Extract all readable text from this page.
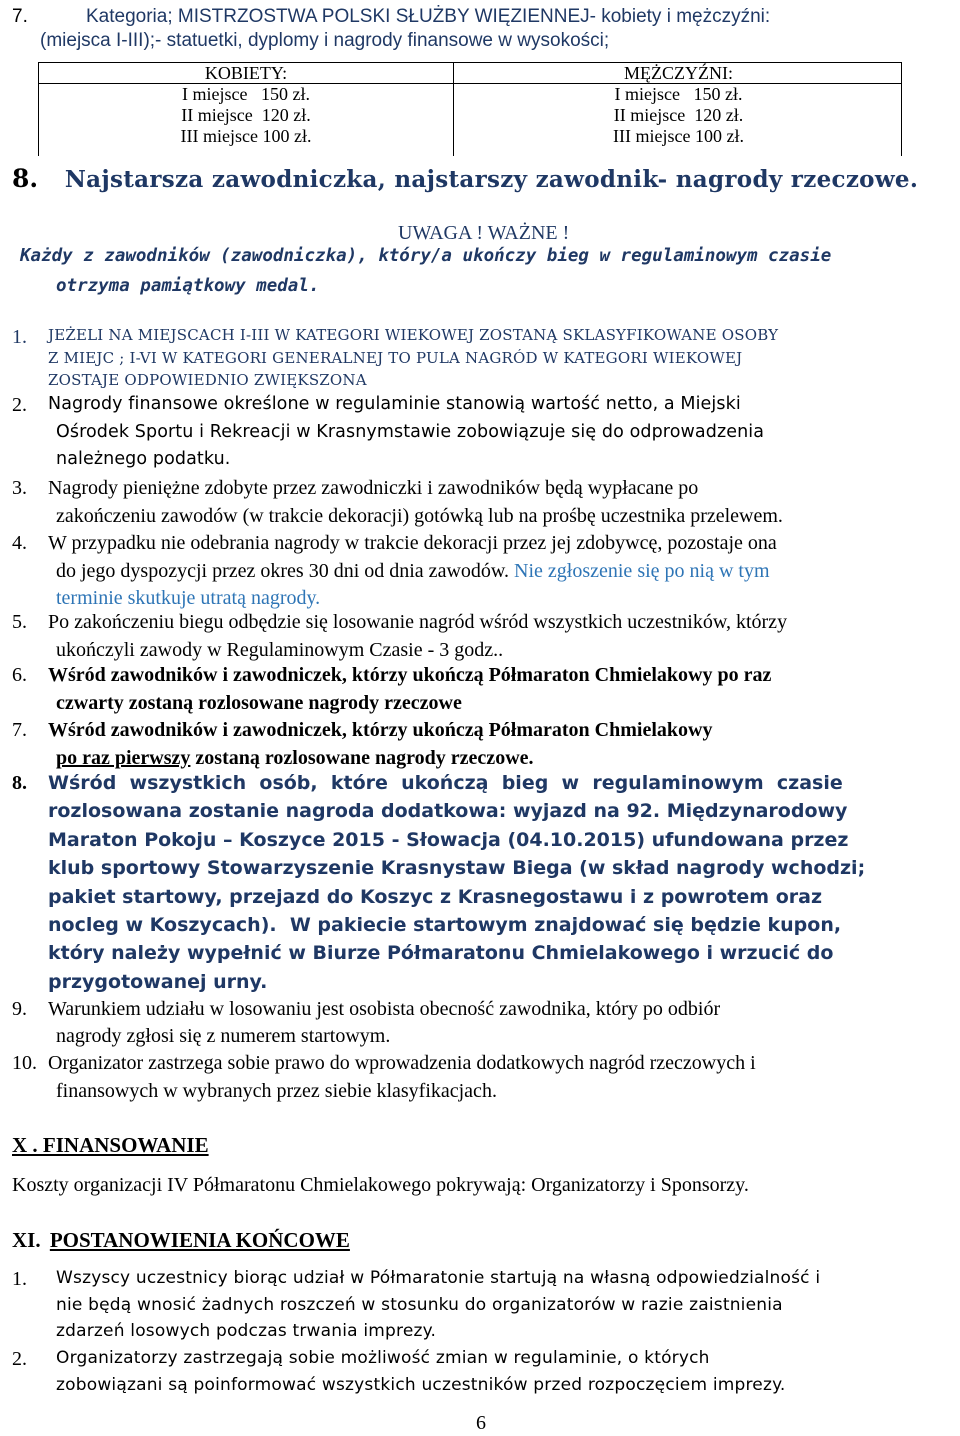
7.	Kategoria; MISTRZOSTWA POLSKI SŁUŻBY WIĘZIENNEJ- kobiety i mężczyźni:
(miejsca I-III);- statuetki, dyplomy i nagrody finansowe w wysokości;
KOBIETY:
I miejsce   150 zł.
II miejsce  120 zł.
III miejsce 100 zł.
MĘŻCZYŹNI:
I miejsce   150 zł.
II miejsce  120 zł.
III miejsce 100 zł.
8. Najstarsza zawodniczka, najstarszy zawodnik- nagrody rzeczowe.
UWAGA ! WAŻNE !
Każdy z zawodników (zawodniczka), który/a ukończy bieg w regulaminowym czasie
otrzyma pamiątkowy medal.
1. JEŻELI NA MIEJSCACH I-III W KATEGORI WIEKOWEJ ZOSTANĄ SKLASYFIKOWANE OSOBY
Z MIEJC ; I-VI W KATEGORI GENERALNEJ TO PULA NAGRÓD W KATEGORI WIEKOWEJ
ZOSTAJE ODPOWIEDNIO ZWIĘKSZONA
2. Nagrody finansowe określone w regulaminie stanowią wartość netto, a Miejski
Ośrodek Sportu i Rekreacji w Krasnymstawie zobowiązuje się do odprowadzenia
należnego podatku.
3. Nagrody pieniężne zdobyte przez zawodniczki i zawodników będą wypłacane po
zakończeniu zawodów (w trakcie dekoracji) gotówką lub na prośbę uczestnika przelewem.
4. W przypadku nie odebrania nagrody w trakcie dekoracji przez jej zdobywcę, pozostaje ona
do jego dyspozycji przez okres 30 dni od dnia zawodów. Nie zgłoszenie się po nią w tym
terminie skutkuje utratą nagrody.
5. Po zakończeniu biegu odbędzie się losowanie nagród wśród wszystkich uczestników, którzy
ukończyli zawody w Regulaminowym Czasie - 3 godz..
6. Wśród zawodników i zawodniczek, którzy ukończą Półmaraton Chmielakowy po raz
czwarty zostaną rozlosowane nagrody rzeczowe
7. Wśród zawodników i zawodniczek, którzy ukończą Półmaraton Chmielakowy
po raz pierwszy zostaną rozlosowane nagrody rzeczowe.
8. Wśród  wszystkich  osób,  które  ukończą  bieg  w  regulaminowym  czasie
rozlosowana zostanie nagroda dodatkowa: wyjazd na 92. Międzynarodowy
Maraton Pokoju – Koszyce 2015 - Słowacja (04.10.2015) ufundowana przez
klub sportowy Stowarzyszenie Krasnystaw Biega (w skład nagrody wchodzi;
pakiet startowy, przejazd do Koszyc z Krasnegostawu i z powrotem oraz
nocleg w Koszycach).  W pakiecie startowym znajdować się będzie kupon,
który należy wypełnić w Biurze Półmaratonu Chmielakowego i wrzucić do
przygotowanej urny.
9. Warunkiem udziału w losowaniu jest osobista obecność zawodnika, który po odbiór
nagrody zgłosi się z numerem startowym.
10. Organizator zastrzega sobie prawo do wprowadzenia dodatkowych nagród rzeczowych i
finansowych w wybranych przez siebie klasyfikacjach.
X . FINANSOWANIE
Koszty organizacji IV Półmaratonu Chmielakowego pokrywają: Organizatorzy i Sponsorzy.
XI. POSTANOWIENIA KOŃCOWE
1. Wszyscy uczestnicy biorąc udział w Półmaratonie startują na własną odpowiedzialność i
nie będą wnosić żadnych roszczeń w stosunku do organizatorów w razie zaistnienia
zdarzeń losowych podczas trwania imprezy.
2. Organizatorzy zastrzegają sobie możliwość zmian w regulaminie, o których
zobowiązani są poinformować wszystkich uczestników przed rozpoczęciem imprezy.
6
